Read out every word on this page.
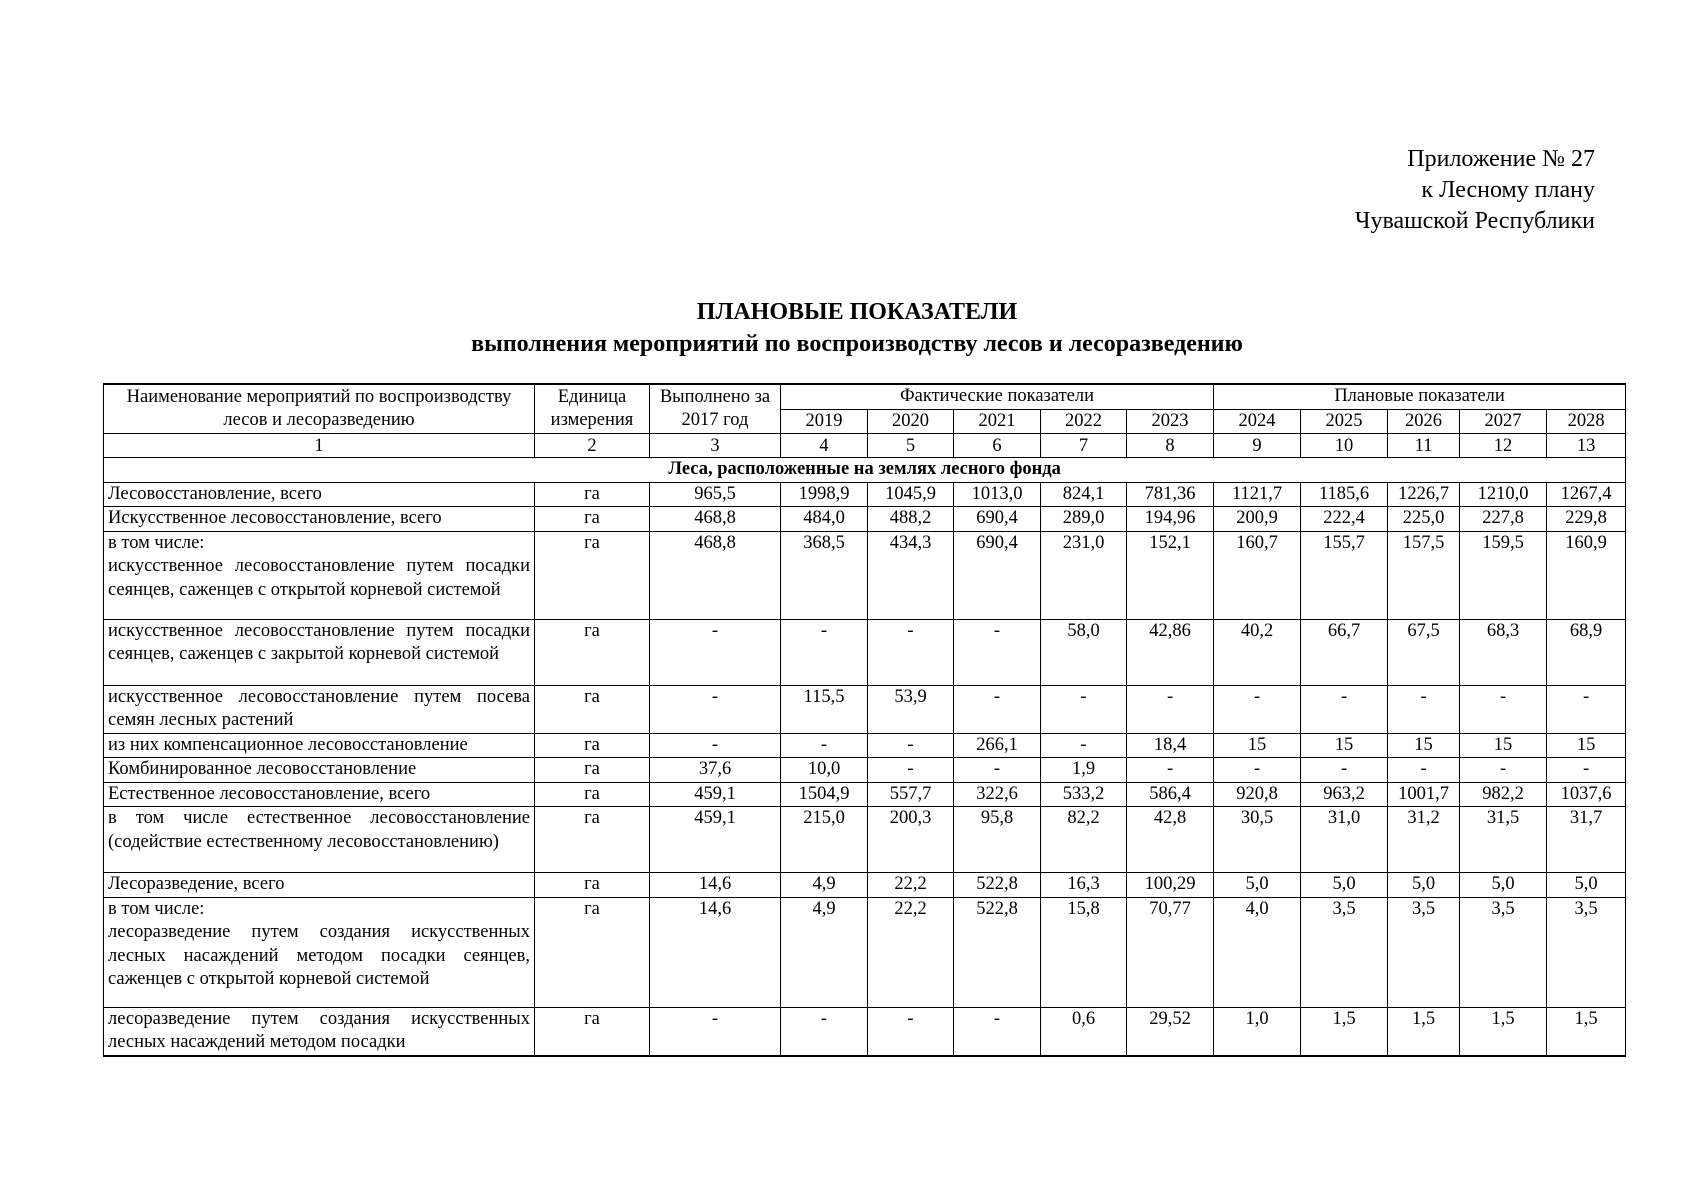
Приложение № 27
к Лесному плану
Чувашской Республики
ПЛАНОВЫЕ ПОКАЗАТЕЛИ
выполнения мероприятий по воспроизводству лесов и лесоразведению
Наименование мероприятий по воспроизводству лесов и лесоразведению	Единица измерения	Выполнено за 2017 год	Фактические показатели					Плановые показатели				
			2019	2020	2021	2022	2023	2024	2025	2026	2027	2028
1	2	3	4	5	6	7	8	9	10	11	12	13
Леса, расположенные на землях лесного фонда												

Лесовосстановление, всего	га	965,5	1998,9	1045,9	1013,0	824,1	781,36	1121,7	1185,6	1226,7	1210,0	1267,4

Искусственное лесовосстановление, всего	га	468,8	484,0	488,2	690,4	289,0	194,96	200,9	222,4	225,0	227,8	229,8

в том числе:
искусственное лесовосстановление путем посадки сеянцев, саженцев с открытой корневой системой	га	468,8	368,5	434,3	690,4	231,0	152,1	160,7	155,7	157,5	159,5	160,9

искусственное лесовосстановление путем посадки сеянцев, саженцев с закрытой корневой системой	га	-	-	-	-	58,0	42,86	40,2	66,7	67,5	68,3	68,9

искусственное лесовосстановление путем посева семян лесных растений	га	-	115,5	53,9	-	-	-	-	-	-	-	-

из них компенсационное лесовосстановление	га	-	-	-	266,1	-	18,4	15	15	15	15	15

Комбинированное лесовосстановление	га	37,6	10,0	-	-	1,9	-	-	-	-	-	-

Естественное лесовосстановление, всего	га	459,1	1504,9	557,7	322,6	533,2	586,4	920,8	963,2	1001,7	982,2	1037,6

в том числе естественное лесовосстановление (содействие естественному лесовосстановлению)	га	459,1	215,0	200,3	95,8	82,2	42,8	30,5	31,0	31,2	31,5	31,7

Лесоразведение, всего	га	14,6	4,9	22,2	522,8	16,3	100,29	5,0	5,0	5,0	5,0	5,0

в том числе:
лесоразведение путем создания искусственных лесных насаждений методом посадки сеянцев, саженцев с открытой корневой системой	га	14,6	4,9	22,2	522,8	15,8	70,77	4,0	3,5	3,5	3,5	3,5

лесоразведение путем создания искусственных лесных насаждений методом посадки	га	-	-	-	-	0,6	29,52	1,0	1,5	1,5	1,5	1,5
